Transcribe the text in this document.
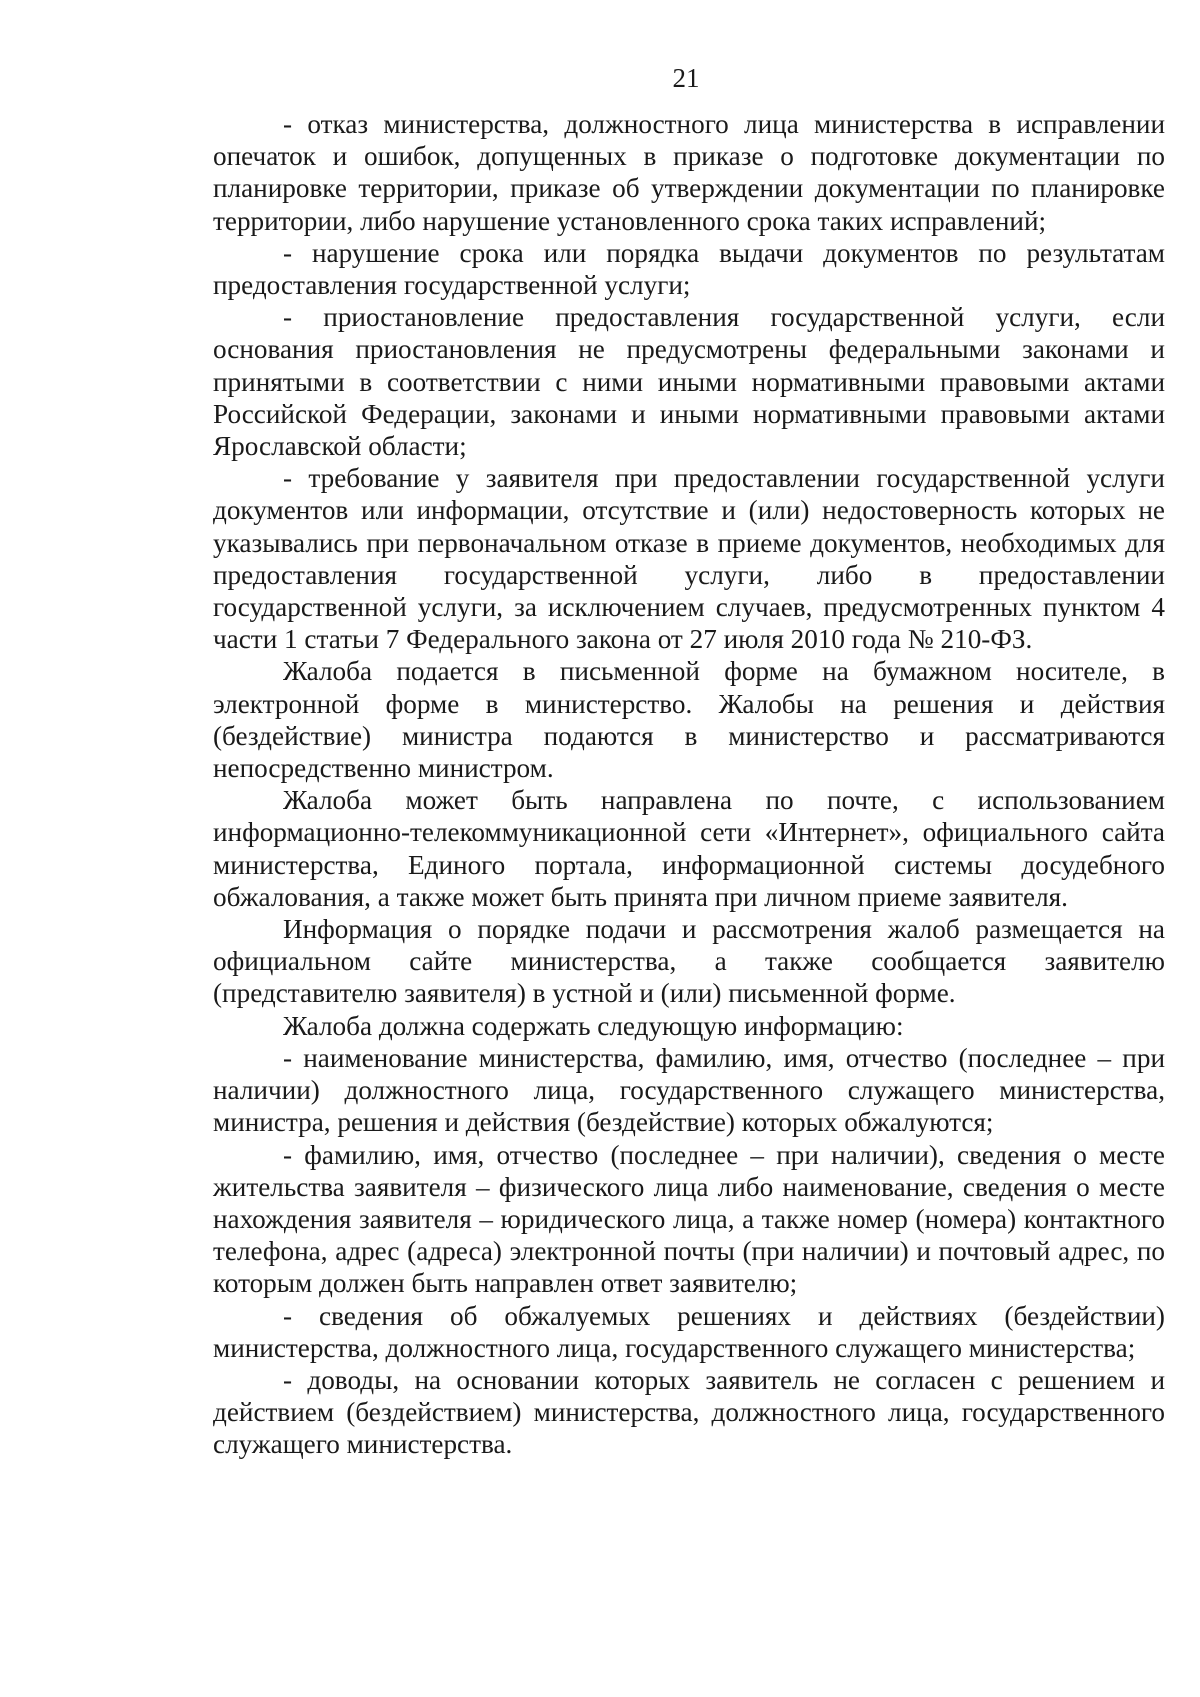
21

- отказ министерства, должностного лица министерства в исправлении опечаток и ошибок, допущенных в приказе о подготовке документации по планировке территории, приказе об утверждении документации по планировке территории, либо нарушение установленного срока таких исправлений;

- нарушение срока или порядка выдачи документов по результатам предоставления государственной услуги;

- приостановление предоставления государственной услуги, если основания приостановления не предусмотрены федеральными законами и принятыми в соответствии с ними иными нормативными правовыми актами Российской Федерации, законами и иными нормативными правовыми актами Ярославской области;

- требование у заявителя при предоставлении государственной услуги документов или информации, отсутствие и (или) недостоверность которых не указывались при первоначальном отказе в приеме документов, необходимых для предоставления государственной услуги, либо в предоставлении государственной услуги, за исключением случаев, предусмотренных пунктом 4 части 1 статьи 7 Федерального закона от 27 июля 2010 года № 210-ФЗ.

Жалоба подается в письменной форме на бумажном носителе, в электронной форме в министерство. Жалобы на решения и действия (бездействие) министра подаются в министерство и рассматриваются непосредственно министром.

Жалоба может быть направлена по почте, с использованием информационно-телекоммуникационной сети «Интернет», официального сайта министерства, Единого портала, информационной системы досудебного обжалования, а также может быть принята при личном приеме заявителя.

Информация о порядке подачи и рассмотрения жалоб размещается на официальном сайте министерства, а также сообщается заявителю (представителю заявителя) в устной и (или) письменной форме.

Жалоба должна содержать следующую информацию:

- наименование министерства, фамилию, имя, отчество (последнее – при наличии) должностного лица, государственного служащего министерства, министра, решения и действия (бездействие) которых обжалуются;

- фамилию, имя, отчество (последнее – при наличии), сведения о месте жительства заявителя – физического лица либо наименование, сведения о месте нахождения заявителя – юридического лица, а также номер (номера) контактного телефона, адрес (адреса) электронной почты (при наличии) и почтовый адрес, по которым должен быть направлен ответ заявителю;

- сведения об обжалуемых решениях и действиях (бездействии) министерства, должностного лица, государственного служащего министерства;

- доводы, на основании которых заявитель не согласен с решением и действием (бездействием) министерства, должностного лица, государственного служащего министерства.
